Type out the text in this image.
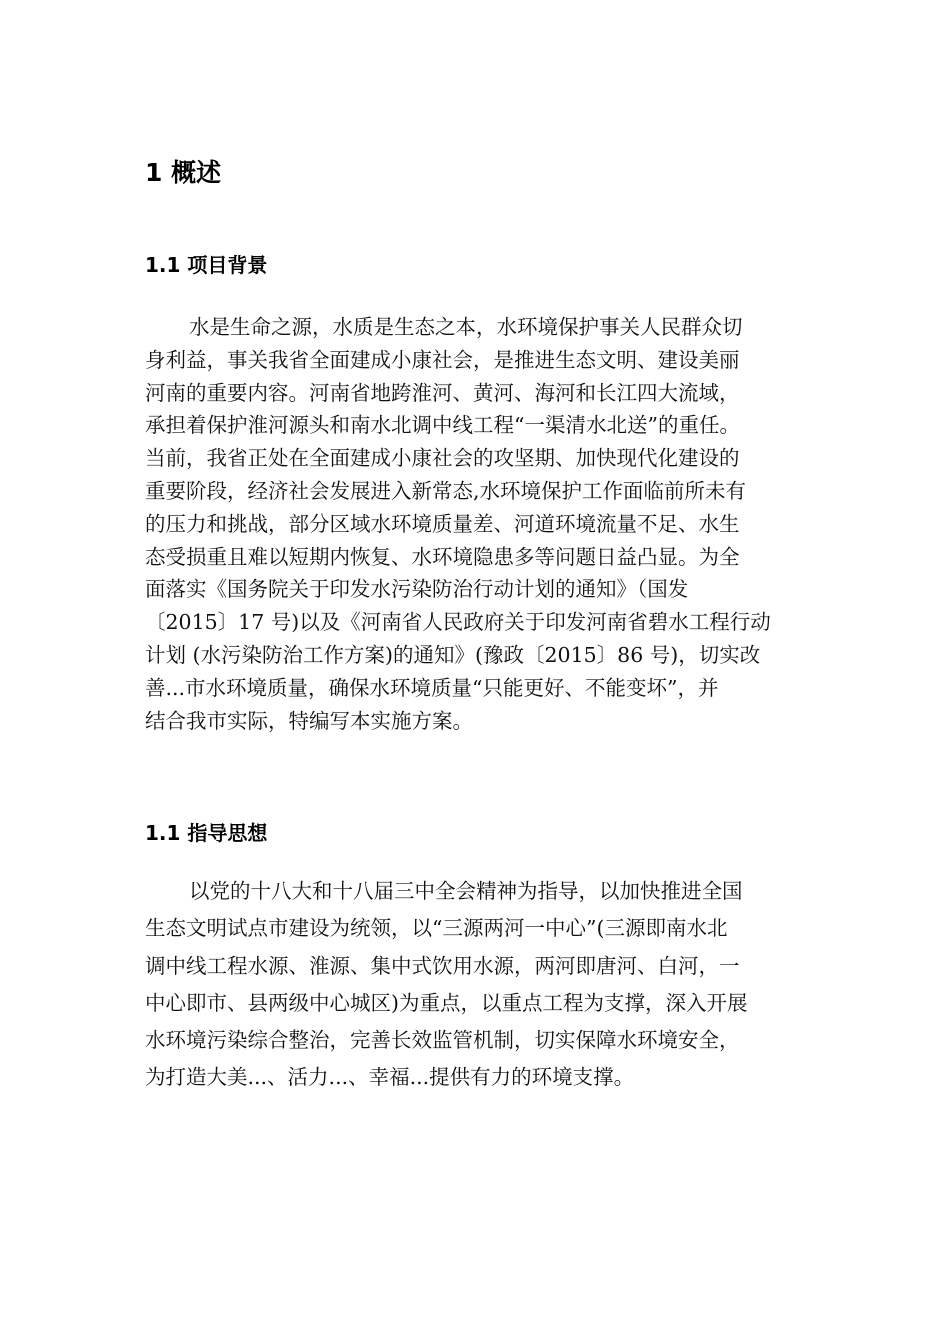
1 概述
1.1 项目背景
水是生命之源，水质是生态之本，水环境保护事关人民群众切
身利益，事关我省全面建成小康社会，是推进生态文明、建设美丽
河南的重要内容。河南省地跨淮河、黄河、海河和长江四大流域，
承担着保护淮河源头和南水北调中线工程“一渠清水北送”的重任。
当前，我省正处在全面建成小康社会的攻坚期、加快现代化建设的
重要阶段，经济社会发展进入新常态,水环境保护工作面临前所未有
的压力和挑战，部分区域水环境质量差、河道环境流量不足、水生
态受损重且难以短期内恢复、水环境隐患多等问题日益凸显。为全
面落实《国务院关于印发水污染防治行动计划的通知》（国发
〔2015〕17 号)以及《河南省人民政府关于印发河南省碧水工程行动
计划 (水污染防治工作方案)的通知》(豫政〔2015〕86 号)，切实改
善...市水环境质量，确保水环境质量“只能更好、不能变坏”，并
结合我市实际，特编写本实施方案。
1.1 指导思想
以党的十八大和十八届三中全会精神为指导，以加快推进全国
生态文明试点市建设为统领，以“三源两河一中心”(三源即南水北
调中线工程水源、淮源、集中式饮用水源，两河即唐河、白河，一
中心即市、县两级中心城区)为重点，以重点工程为支撑，深入开展
水环境污染综合整治，完善长效监管机制，切实保障水环境安全，
为打造大美...、活力...、幸福...提供有力的环境支撑。
